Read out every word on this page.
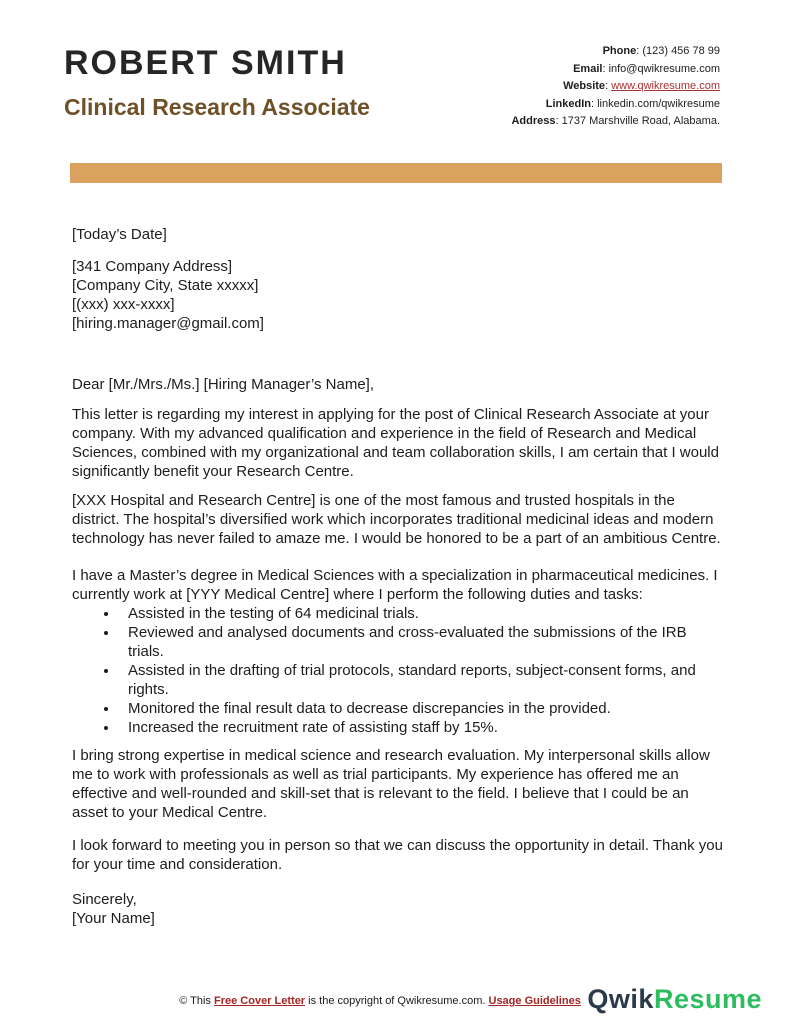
ROBERT SMITH
Clinical Research Associate
Phone: (123) 456 78 99
Email: info@qwikresume.com
Website: www.qwikresume.com
LinkedIn: linkedin.com/qwikresume
Address: 1737 Marshville Road, Alabama.
[Today’s Date]
[341 Company Address]
[Company City, State xxxxx]
[(xxx) xxx-xxxx]
[hiring.manager@gmail.com]
Dear [Mr./Mrs./Ms.] [Hiring Manager’s Name],

This letter is regarding my interest in applying for the post of Clinical Research Associate at your company. With my advanced qualification and experience in the field of Research and Medical Sciences, combined with my organizational and team collaboration skills, I am certain that I would significantly benefit your Research Centre.

[XXX Hospital and Research Centre] is one of the most famous and trusted hospitals in the district. The hospital’s diversified work which incorporates traditional medicinal ideas and modern technology has never failed to amaze me. I would be honored to be a part of an ambitious Centre.

I have a Master’s degree in Medical Sciences with a specialization in pharmaceutical medicines. I currently work at [YYY Medical Centre] where I perform the following duties and tasks:

• Assisted in the testing of 64 medicinal trials.
• Reviewed and analysed documents and cross-evaluated the submissions of the IRB trials.
• Assisted in the drafting of trial protocols, standard reports, subject-consent forms, and rights.
• Monitored the final result data to decrease discrepancies in the provided.
• Increased the recruitment rate of assisting staff by 15%.

I bring strong expertise in medical science and research evaluation. My interpersonal skills allow me to work with professionals as well as trial participants. My experience has offered me an effective and well-rounded and skill-set that is relevant to the field. I believe that I could be an asset to your Medical Centre.

I look forward to meeting you in person so that we can discuss the opportunity in detail. Thank you for your time and consideration.

Sincerely,
[Your Name]
© This Free Cover Letter is the copyright of Qwikresume.com. Usage Guidelines QwikResume
